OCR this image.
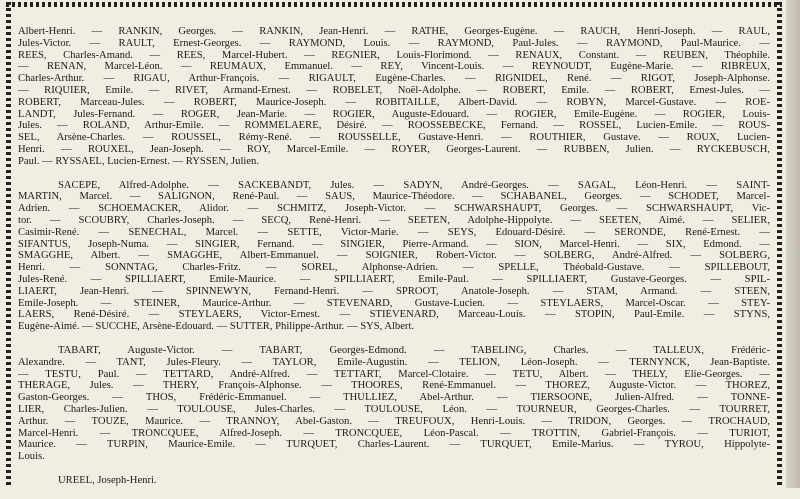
Albert-Henri. — RANKIN, Georges. — RANKIN, Jean-Henri. — RATHÉ, Georges-Eugène. — RAUCH, Henri-Joseph. — RAUL,

Jules-Victor. — RAULT, Ernest-Georges. — RAYMOND, Louis. — RAYMOND, Paul-Jules. — RAYMOND, Paul-Maurice. —

REES, Charles-Amand. — REES, Marcel-Hubert. — REGNIER, Louis-Florimond. — RENAUX, Constant. — REUBEN, Théophile.

— RENAN, Marcel-Léon. — REUMAUX, Emmanuel. — REY, Vincent-Louis. — REYNOUDT, Eugène-Marie. — RIBREUX,

Charles-Arthur. — RIGAU, Arthur-François. — RIGAULT, Eugène-Charles. — RIGNIDEL, René. — RIGOT, Joseph-Alphonse.

— RIQUIER, Emile. — RIVET, Armand-Ernest. — ROBELET, Noël-Adolphe. — ROBERT, Emile. — ROBERT, Ernest-Jules. —

ROBERT, Marceau-Jules. — ROBERT, Maurice-Joseph. — ROBITAILLE, Albert-David. — ROBYN, Marcel-Gustave. — ROE-

LANDT, Jules-Fernand. — ROGER, Jean-Marie. — ROGIER, Auguste-Edouard. — ROGIER, Emile-Eugène. — ROGIER, Louis-

Jules. — ROLAND, Arthur-Emile. — ROMMELAERE, Désiré. — ROOSSEBECKE, Fernand. — ROSSEL, Lucien-Emile. — ROUS-

SEL, Arsène-Charles. — ROUSSEL, Rémy-René. — ROUSSELLE, Gustave-Henri. — ROUTHIER, Gustave. — ROUX, Lucien-

Henri. — ROUXEL, Jean-Joseph. — ROY, Marcel-Emile. — ROYER, Georges-Laurent. — RUBBEN, Julien. — RYCKEBUSCH,

Paul. — RYSSAEL, Lucien-Ernest. — RYSSEN, Julien.

SACÉPÉ, Alfred-Adolphe. — SACKEBANDT, Jules. — SADYN, André-Georges. — SAGAL, Léon-Henri. — SAINT-

MARTIN, Marcel. — SALIGNON, René-Paul. — SAUS, Maurice-Théodore. — SCHABANEL, Georges. — SCHODET, Marcel-

Adrien. — SCHOEMACKER, Alidor. — SCHMITZ, Joseph-Victor. — SCHWARSHAUPT, Georges. — SCHWARSHAUPT, Vic-

tor. — SCOUBRY, Charles-Joseph. — SECQ, René-Henri. — SEETEN, Adolphe-Hippolyte. — SEETEN, Aimé. — SELIER,

Casimir-René. — SÉNÉCHAL, Marcel. — SETTE, Victor-Marie. — SEYS, Edouard-Désiré. — SERONDE, René-Ernest. —

SIFANTUS, Joseph-Numa. — SINGIER, Fernand. — SINGIER, Pierre-Armand. — SION, Marcel-Henri. — SIX, Edmond. —

SMAGGHE, Albert. — SMAGGHE, Albert-Emmanuel. — SOIGNIER, Robert-Victor. — SOLBERG, André-Alfred. — SOLBERG,

Henri. — SONNTAG, Charles-Fritz. — SOREL, Alphonse-Adrien. — SPELLE, Théobald-Gustave. — SPILLEBOUT,

Jules-René. — SPILLIAERT, Emile-Maurice. — SPILLIAERT, Emile-Paul. — SPILLIAERT, Gustave-Georges. — SPIL-

LIAERT, Jean-Henri. — SPINNEWYN, Fernand-Henri. — SPROOT, Anatole-Joseph. — STAM, Armand. — STEEN,

Emile-Joseph. — STEINER, Maurice-Arthur. — STEVENARD, Gustave-Lucien. — STEYLAERS, Marcel-Oscar. — STEY-

LAERS, René-Désiré. — STEYLAERS, Victor-Ernest. — STIÉVENARD, Marceau-Louis. — STOPIN, Paul-Emile. — STYNS,

Eugène-Aimé. — SUCCHE, Arsène-Edouard. — SUTTER, Philippe-Arthur. — SYS, Albert.

TABART, Auguste-Victor. — TABART, Georges-Edmond. — TABELING, Charles. — TALLEUX, Frédéric-

Alexandre. — TANT, Jules-Fleury. — TAYLOR, Emile-Augustin. — TELION, Léon-Joseph. — TERNYNCK, Jean-Baptiste.

— TESTU, Paul. — TETTARD, André-Alfred. — TETTART, Marcel-Clotaire. — TETU, Albert. — THELY, Elie-Georges. —

THÉRAGE, Jules. — THERY, François-Alphonse. — THOORES, René-Emmanuel. — THOREZ, Auguste-Victor. — THOREZ,

Gaston-Georges. — THOS, Frédéric-Emmanuel. — THULLIEZ, Abel-Arthur. — TIERSOONE, Julien-Alfred. — TONNE-

LIER, Charles-Julien. — TOULOUSE, Jules-Charles. — TOULOUSE, Léon. — TOURNEUR, Georges-Charles. — TOURRET,

Arthur. — TOUZE, Maurice. — TRANNOY, Abel-Gaston. — TREUFOUX, Henri-Louis. — TRIDON, Georges. — TROCHAUD,

Marcel-Henri. — TRONCQUÉE, Alfred-Joseph. — TRONCQUÉE, Léon-Pascal. — TROTTIN, Gabriel-François. — TURIOT,

Maurice. — TURPIN, Maurice-Emile. — TURQUET, Charles-Laurent. — TURQUET, Emile-Marius. — TYROU, Hippolyte-

Louis.

UREEL, Joseph-Henri.
